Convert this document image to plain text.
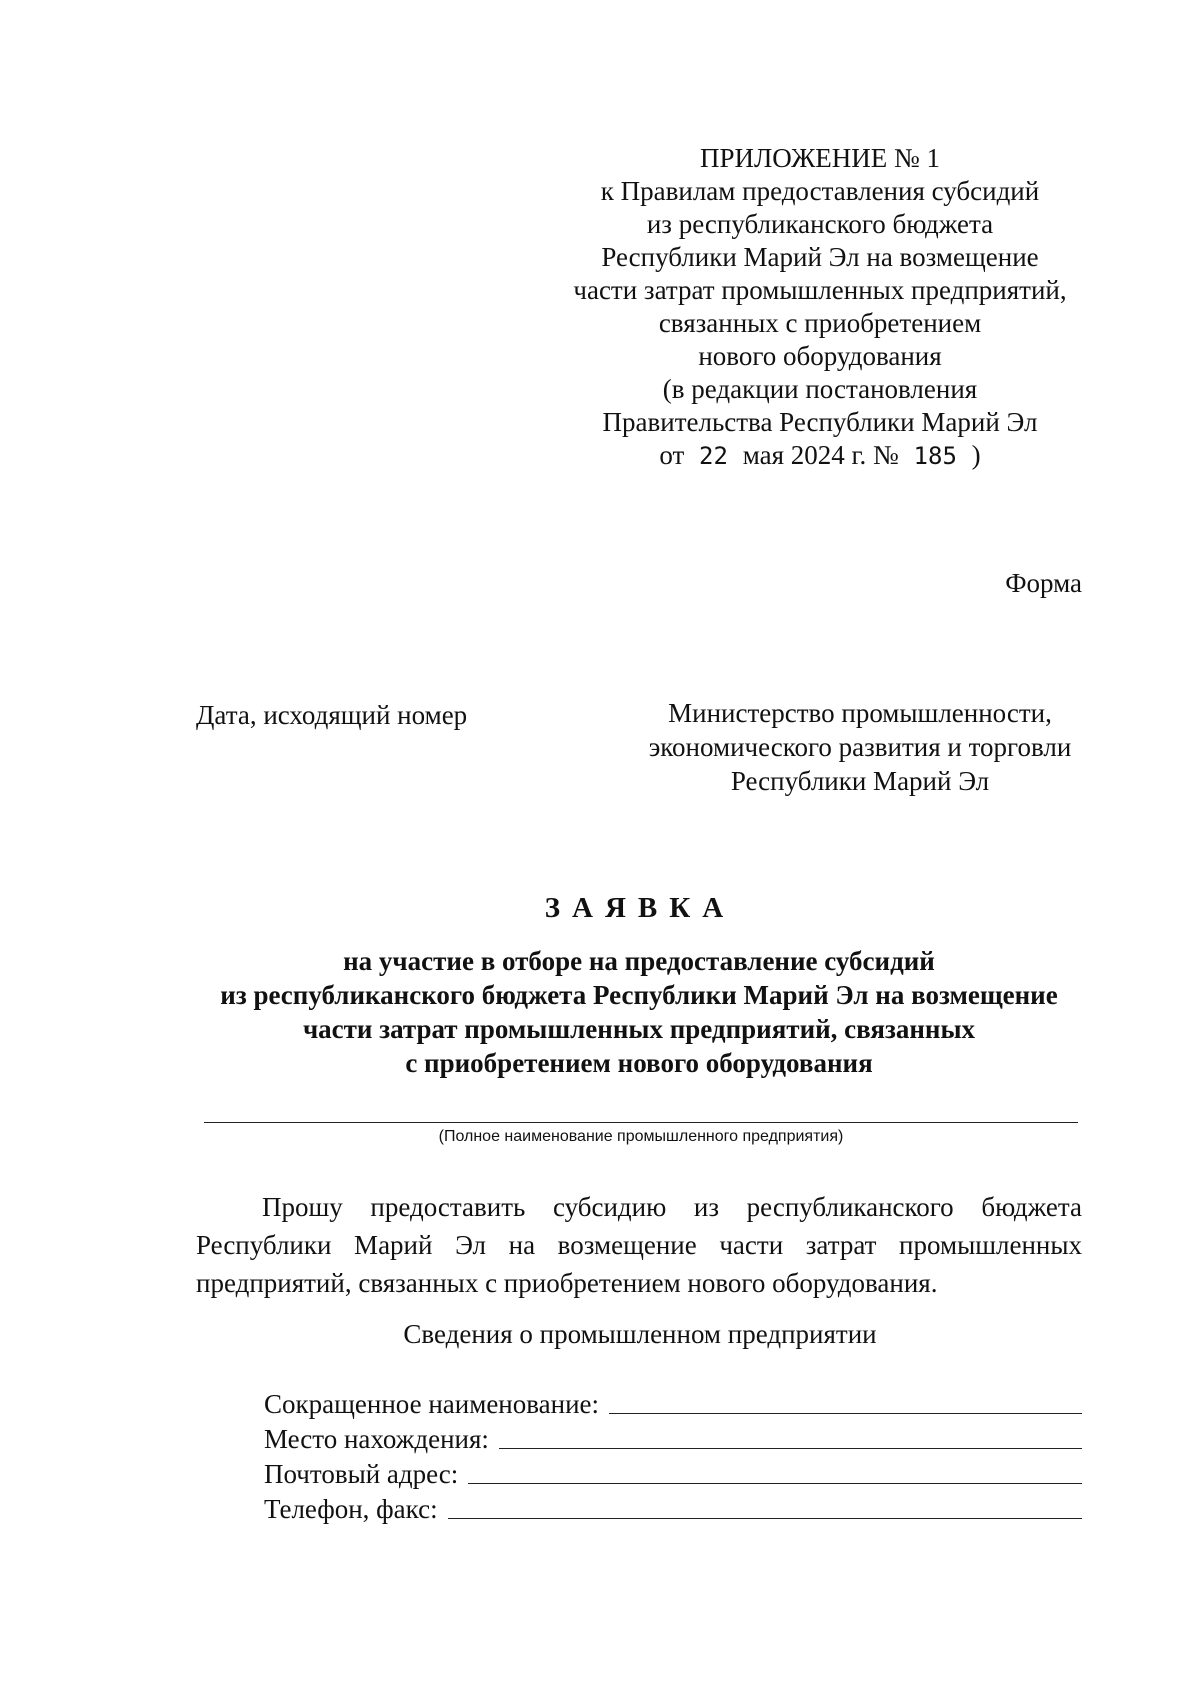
ПРИЛОЖЕНИЕ № 1
к Правилам предоставления субсидий
из республиканского бюджета
Республики Марий Эл на возмещение
части затрат промышленных предприятий,
связанных с приобретением
нового оборудования
(в редакции постановления
Правительства Республики Марий Эл
от 22 мая 2024 г. № 185 )
Форма
Дата, исходящий номер	Министерство промышленности,
экономического развития и торговли
Республики Марий Эл
ЗАЯВКА
на участие в отборе на предоставление субсидий
из республиканского бюджета Республики Марий Эл на возмещение
части затрат промышленных предприятий, связанных
с приобретением нового оборудования
(Полное наименование промышленного предприятия)
Прошу предоставить субсидию из республиканского бюджета
Республики Марий Эл на возмещение части затрат промышленных
предприятий, связанных с приобретением нового оборудования.
Сведения о промышленном предприятии
Сокращенное наименование:
Место нахождения:
Почтовый адрес:
Телефон, факс:
